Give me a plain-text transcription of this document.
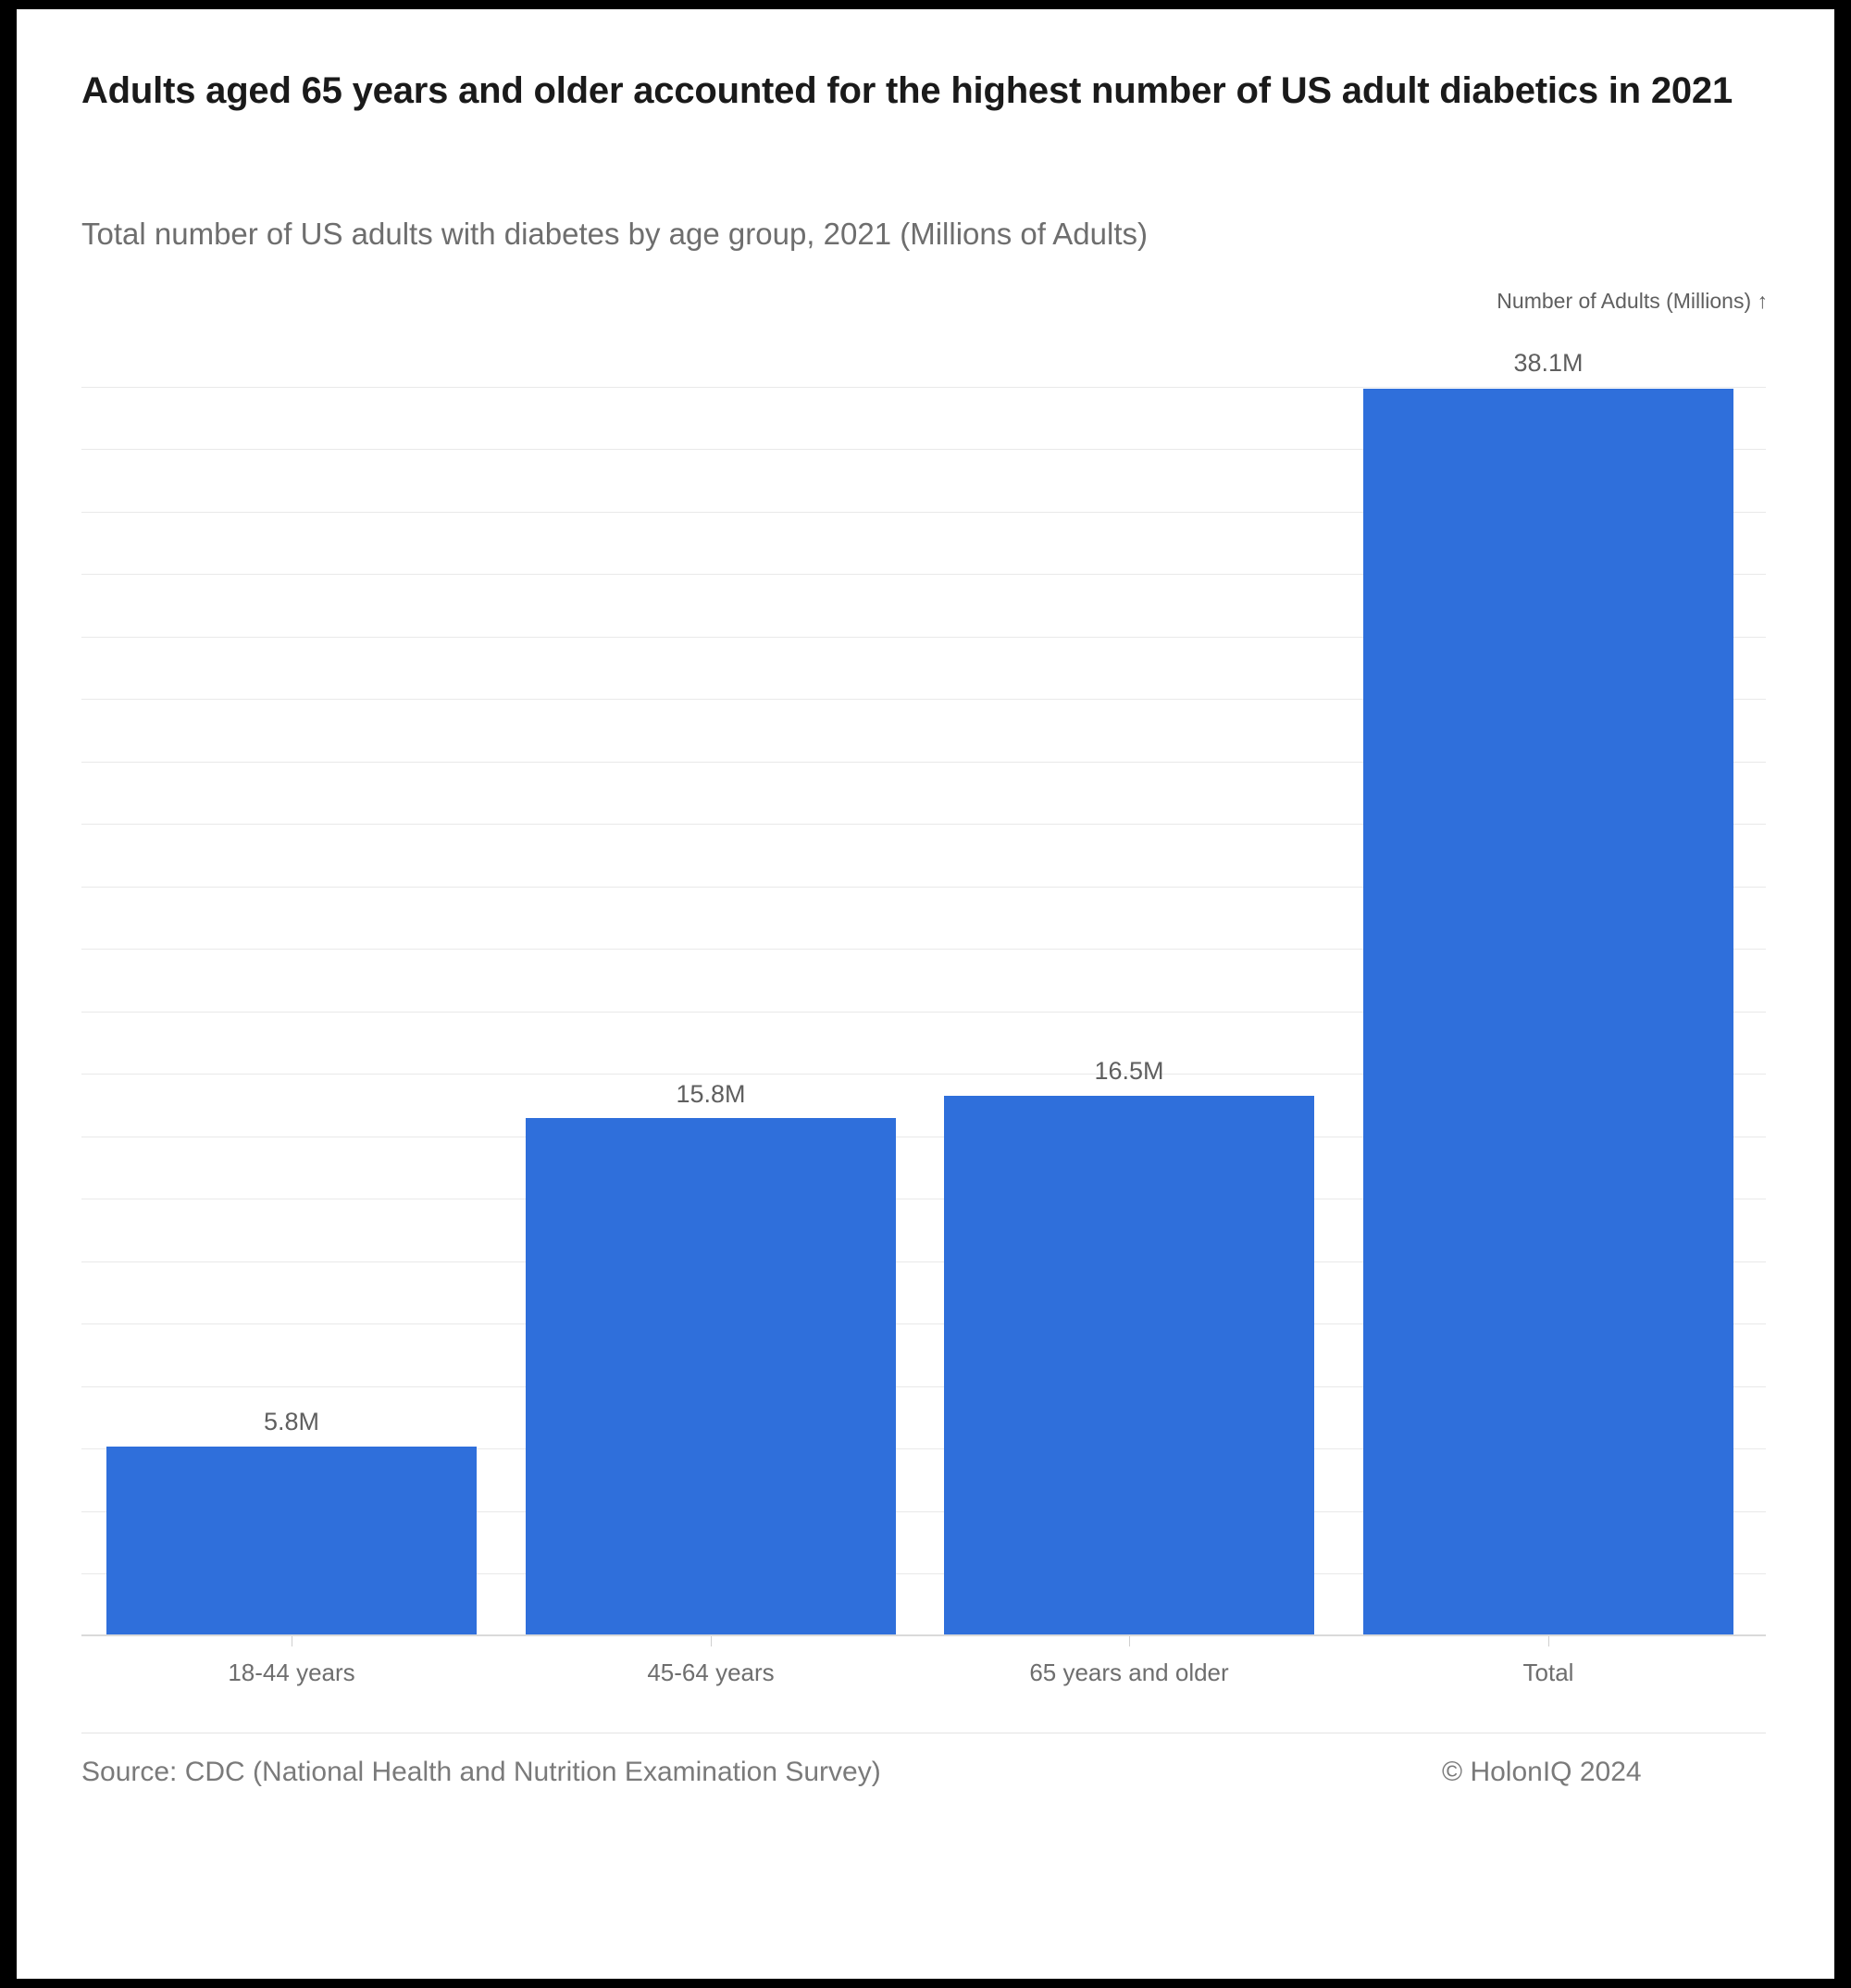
Adults aged 65 years and older accounted for the highest number of US adult diabetics in 2021
Total number of US adults with diabetes by age group, 2021 (Millions of Adults)
Number of Adults (Millions) ↑
5.8M
15.8M
16.5M
38.1M
18-44 years	45-64 years	65 years and older	Total
Source: CDC (National Health and Nutrition Examination Survey)	© HolonIQ 2024
